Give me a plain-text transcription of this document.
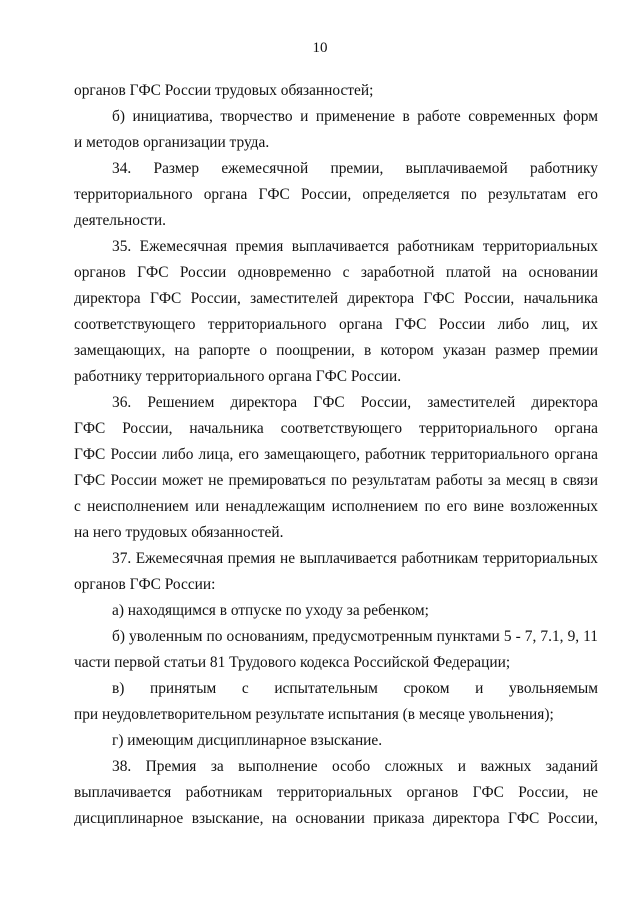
10
органов ГФС России трудовых обязанностей;
б) инициатива, творчество и применение в работе современных форм
и методов организации труда.
34. Размер ежемесячной премии, выплачиваемой работнику
территориального органа ГФС России, определяется по результатам его
деятельности.
35. Ежемесячная премия выплачивается работникам территориальных
органов ГФС России одновременно с заработной платой на основании
директора ГФС России, заместителей директора ГФС России, начальника
соответствующего территориального органа ГФС России либо лиц, их
замещающих, на рапорте о поощрении, в котором указан размер премии
работнику территориального органа ГФС России.
36. Решением директора ГФС России, заместителей директора
ГФС России, начальника соответствующего территориального органа
ГФС России либо лица, его замещающего, работник территориального органа
ГФС России может не премироваться по результатам работы за месяц в связи
с неисполнением или ненадлежащим исполнением по его вине возложенных
на него трудовых обязанностей.
37. Ежемесячная премия не выплачивается работникам территориальных
органов ГФС России:
а) находящимся в отпуске по уходу за ребенком;
б) уволенным по основаниям, предусмотренным пунктами 5 - 7, 7.1, 9, 11
части первой статьи 81 Трудового кодекса Российской Федерации;
в) принятым с испытательным сроком и увольняемым
при неудовлетворительном результате испытания (в месяце увольнения);
г) имеющим дисциплинарное взыскание.
38. Премия за выполнение особо сложных и важных заданий
выплачивается работникам территориальных органов ГФС России, не
дисциплинарное взыскание, на основании приказа директора ГФС России,
